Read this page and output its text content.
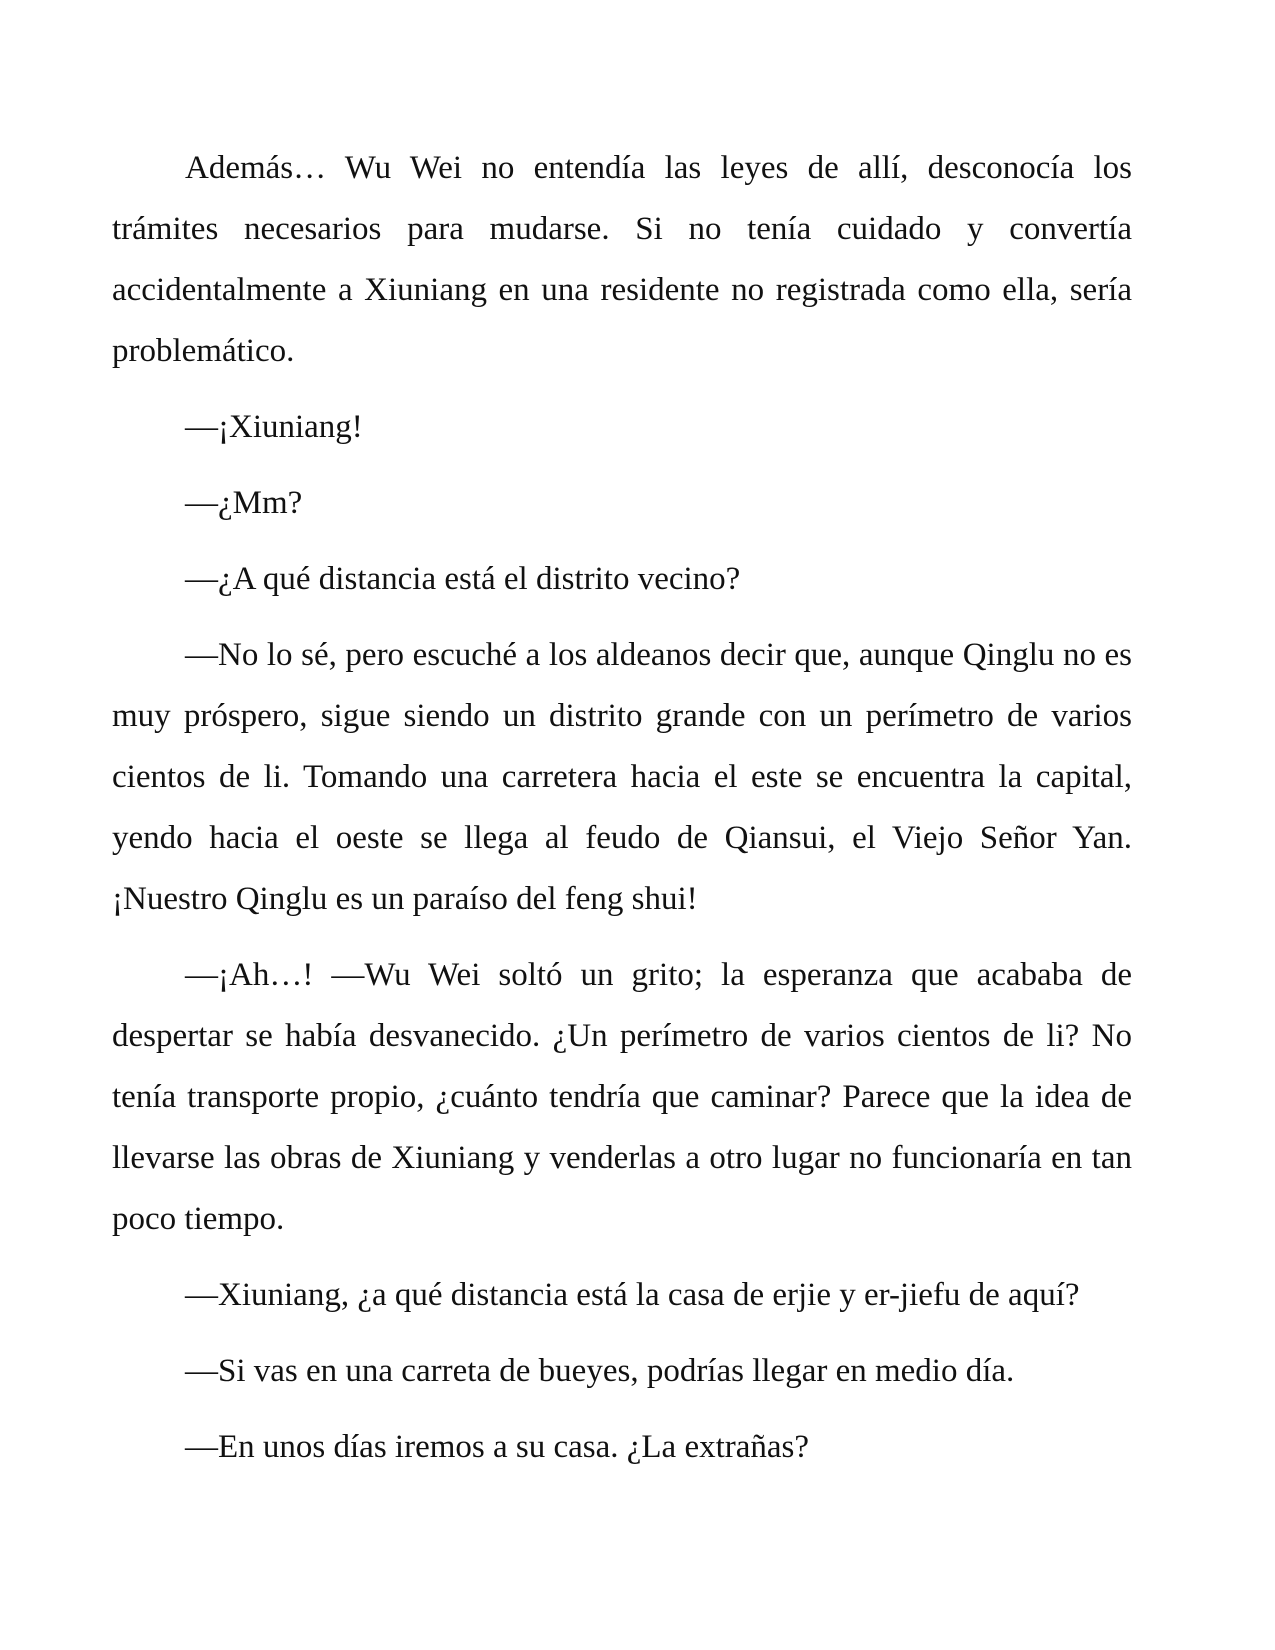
Además… Wu Wei no entendía las leyes de allí, desconocía los trámites necesarios para mudarse. Si no tenía cuidado y convertía accidentalmente a Xiuniang en una residente no registrada como ella, sería problemático.

—¡Xiuniang!

—¿Mm?

—¿A qué distancia está el distrito vecino?

—No lo sé, pero escuché a los aldeanos decir que, aunque Qinglu no es muy próspero, sigue siendo un distrito grande con un perímetro de varios cientos de li. Tomando una carretera hacia el este se encuentra la capital, yendo hacia el oeste se llega al feudo de Qiansui, el Viejo Señor Yan. ¡Nuestro Qinglu es un paraíso del feng shui!

—¡Ah…! —Wu Wei soltó un grito; la esperanza que acababa de despertar se había desvanecido. ¿Un perímetro de varios cientos de li? No tenía transporte propio, ¿cuánto tendría que caminar? Parece que la idea de llevarse las obras de Xiuniang y venderlas a otro lugar no funcionaría en tan poco tiempo.

—Xiuniang, ¿a qué distancia está la casa de erjie y er-jiefu de aquí?

—Si vas en una carreta de bueyes, podrías llegar en medio día.

—En unos días iremos a su casa. ¿La extrañas?
